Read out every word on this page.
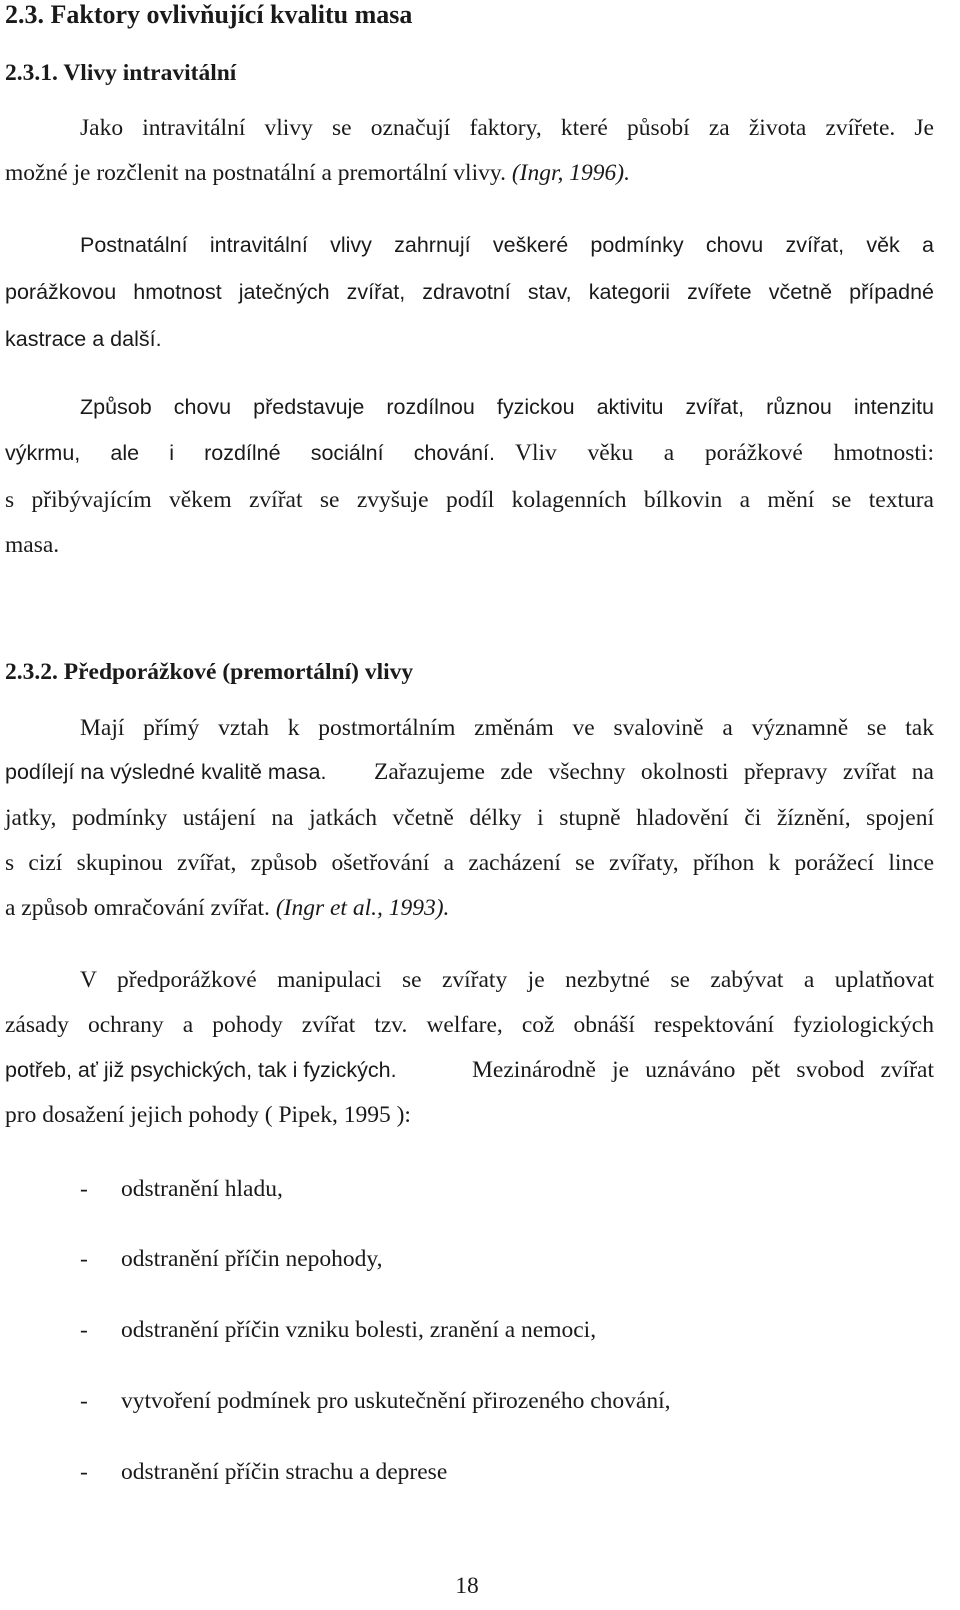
2.3. Faktory ovlivňující kvalitu masa
2.3.1. Vlivy intravitální
Jako intravitální vlivy se označují faktory, které působí za života zvířete. Je
možné je rozčlenit na postnatální a premortální vlivy. (Ingr, 1996).
Postnatální intravitální vlivy zahrnují veškeré podmínky chovu zvířat, věk a
porážkovou hmotnost jatečných zvířat, zdravotní stav, kategorii zvířete včetně případné
kastrace a další.
Způsob chovu představuje rozdílnou fyzickou aktivitu zvířat, různou intenzitu
výkrmu, ale i rozdílné sociální chování. Vliv věku a porážkové hmotnosti:
s přibývajícím věkem zvířat se zvyšuje podíl kolagenních bílkovin a mění se textura
masa.
2.3.2. Předporážkové (premortální) vlivy
Mají přímý vztah k postmortálním změnám ve svalovině a významně se tak
podílejí na výsledné kvalitě masa. Zařazujeme zde všechny okolnosti přepravy zvířat na
jatky, podmínky ustájení na jatkách včetně délky i stupně hladovění či žíznění, spojení
s cizí skupinou zvířat, způsob ošetřování a zacházení se zvířaty, příhon k porážecí lince
a způsob omračování zvířat. (Ingr et al., 1993).
V předporážkové manipulaci se zvířaty je nezbytné se zabývat a uplatňovat
zásady ochrany a pohody zvířat tzv. welfare, což obnáší respektování fyziologických
potřeb, ať již psychických, tak i fyzických.	Mezinárodně je uznáváno pět svobod zvířat
pro dosažení jejich pohody ( Pipek, 1995 ):
- odstranění hladu,
- odstranění příčin nepohody,
- odstranění příčin vzniku bolesti, zranění a nemoci,
- vytvoření podmínek pro uskutečnění přirozeného chování,
- odstranění příčin strachu a deprese
18
